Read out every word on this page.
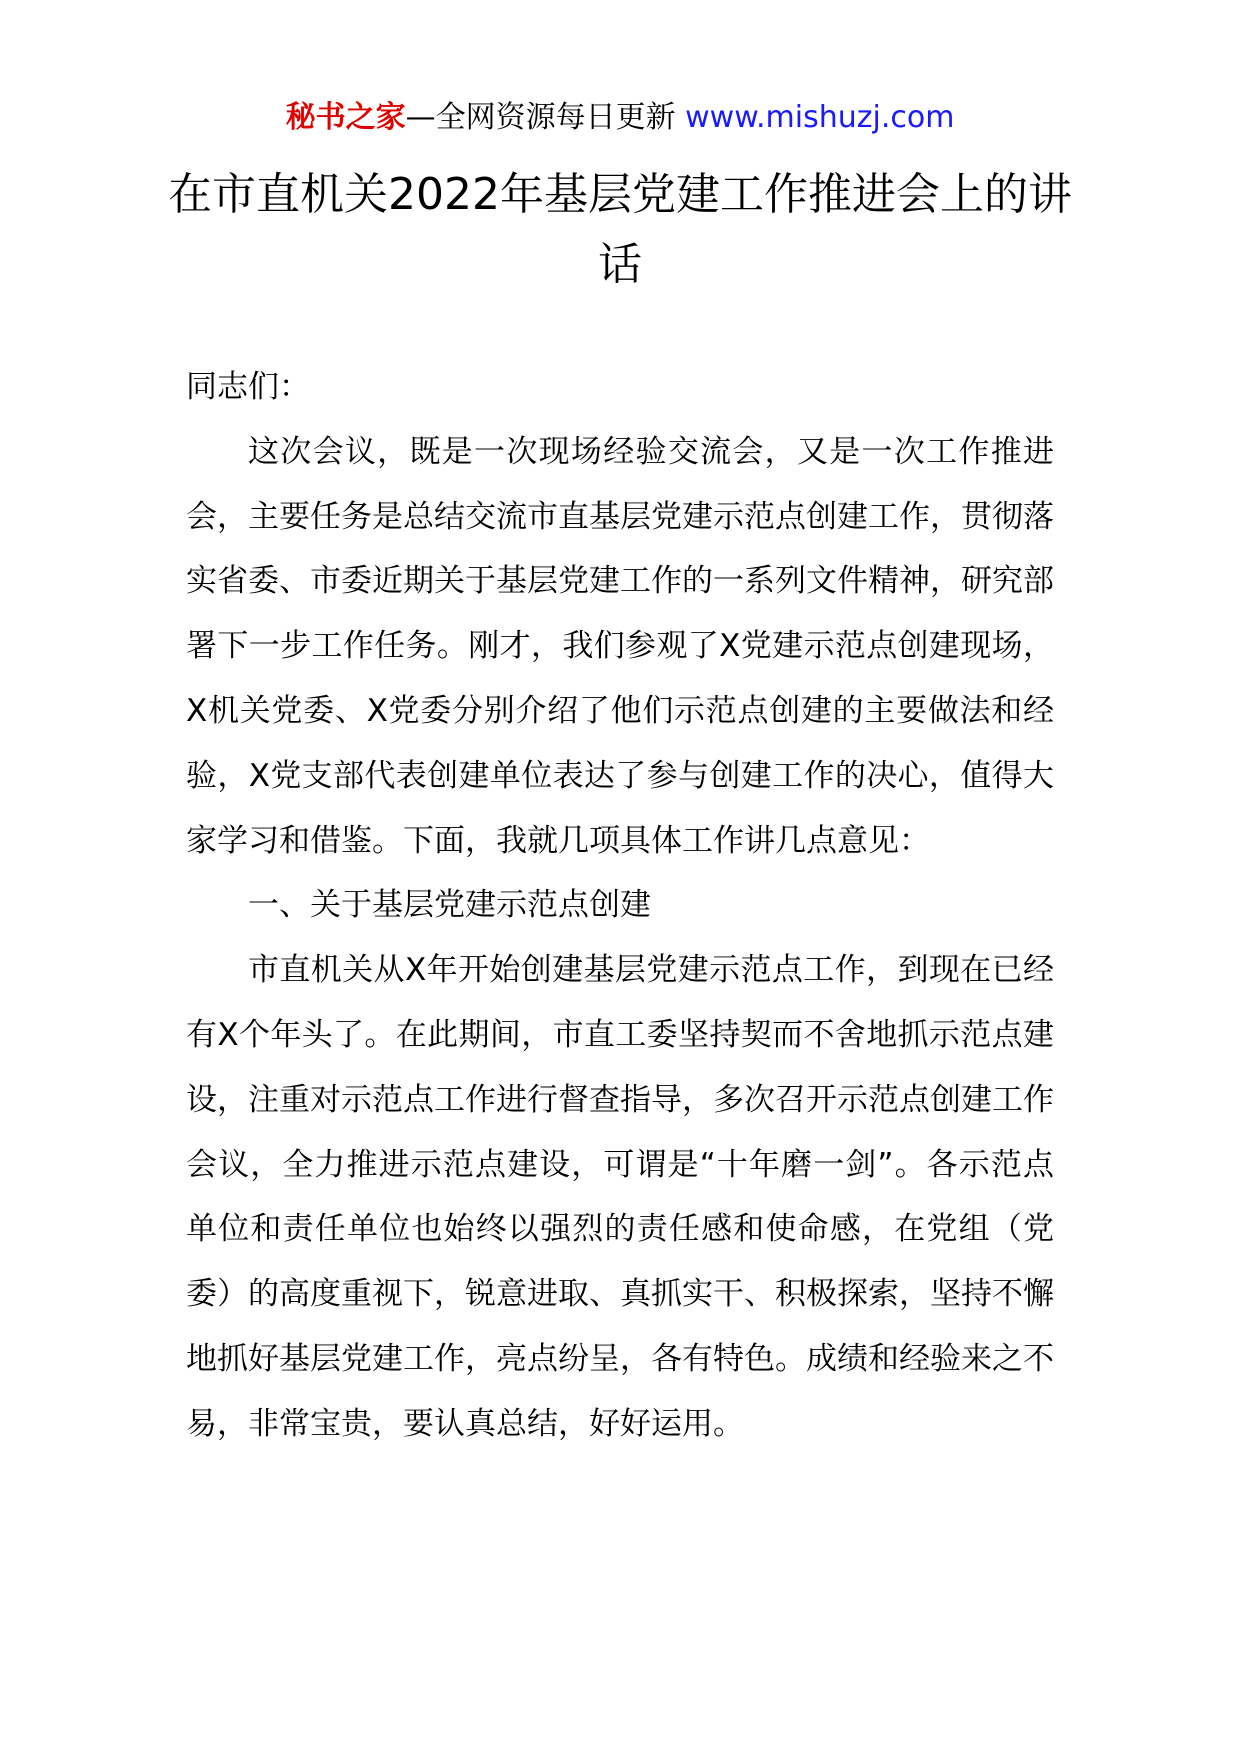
秘书之家—全网资源每日更新 www.mishuzj.com
在市直机关2022年基层党建工作推进会上的讲话

同志们：

这次会议，既是一次现场经验交流会，又是一次工作推进会，主要任务是总结交流市直基层党建示范点创建工作，贯彻落实省委、市委近期关于基层党建工作的一系列文件精神，研究部署下一步工作任务。刚才，我们参观了X党建示范点创建现场，X机关党委、X党委分别介绍了他们示范点创建的主要做法和经验，X党支部代表创建单位表达了参与创建工作的决心，值得大家学习和借鉴。下面，我就几项具体工作讲几点意见：

一、关于基层党建示范点创建

市直机关从X年开始创建基层党建示范点工作，到现在已经有X个年头了。在此期间，市直工委坚持契而不舍地抓示范点建设，注重对示范点工作进行督查指导，多次召开示范点创建工作会议，全力推进示范点建设，可谓是“十年磨一剑”。各示范点单位和责任单位也始终以强烈的责任感和使命感，在党组（党委）的高度重视下，锐意进取、真抓实干、积极探索，坚持不懈地抓好基层党建工作，亮点纷呈，各有特色。成绩和经验来之不易，非常宝贵，要认真总结，好好运用。
